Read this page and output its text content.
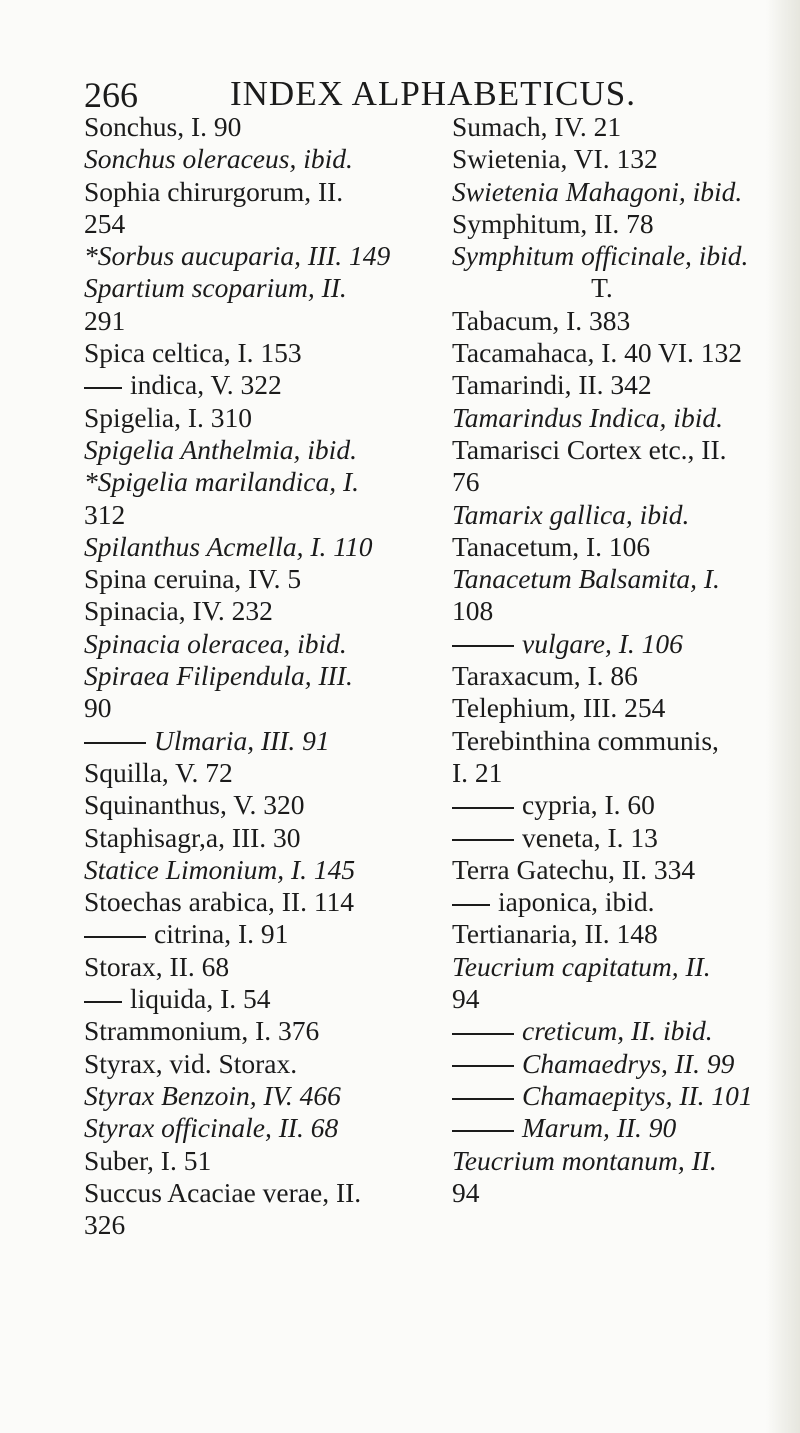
266	INDEX ALPHABETICUS.
Sonchus, I. 90
Sonchus oleraceus, ibid.
Sophia chirurgorum, II.
254
*Sorbus aucuparia, III. 149
Spartium scoparium, II.
291
Spica celtica, I. 153
indica, V. 322
Spigelia, I. 310
Spigelia Anthelmia, ibid.
*Spigelia marilandica, I.
312
Spilanthus Acmella, I. 110
Spina ceruina, IV. 5
Spinacia, IV. 232
Spinacia oleracea, ibid.
Spiraea Filipendula, III.
90
Ulmaria, III. 91
Squilla, V. 72
Squinanthus, V. 320
Staphisagr,a, III. 30
Statice Limonium, I. 145
Stoechas arabica, II. 114
citrina, I. 91
Storax, II. 68
liquida, I. 54
Strammonium, I. 376
Styrax, vid. Storax.
Styrax Benzoin, IV. 466
Styrax officinale, II. 68
Suber, I. 51
Succus Acaciae verae, II.
326
Sumach, IV. 21
Swietenia, VI. 132
Swietenia Mahagoni, ibid.
Symphitum, II. 78
Symphitum officinale, ibid.
T.
Tabacum, I. 383
Tacamahaca, I. 40 VI. 132
Tamarindi, II. 342
Tamarindus Indica, ibid.
Tamarisci Cortex etc., II.
76
Tamarix gallica, ibid.
Tanacetum, I. 106
Tanacetum Balsamita, I.
108
vulgare, I. 106
Taraxacum, I. 86
Telephium, III. 254
Terebinthina communis,
I. 21
cypria, I. 60
veneta, I. 13
Terra Gatechu, II. 334
iaponica, ibid.
Tertianaria, II. 148
Teucrium capitatum, II.
94
creticum, II. ibid.
Chamaedrys, II. 99
Chamaepitys, II. 101
Marum, II. 90
Teucrium montanum, II.
94
